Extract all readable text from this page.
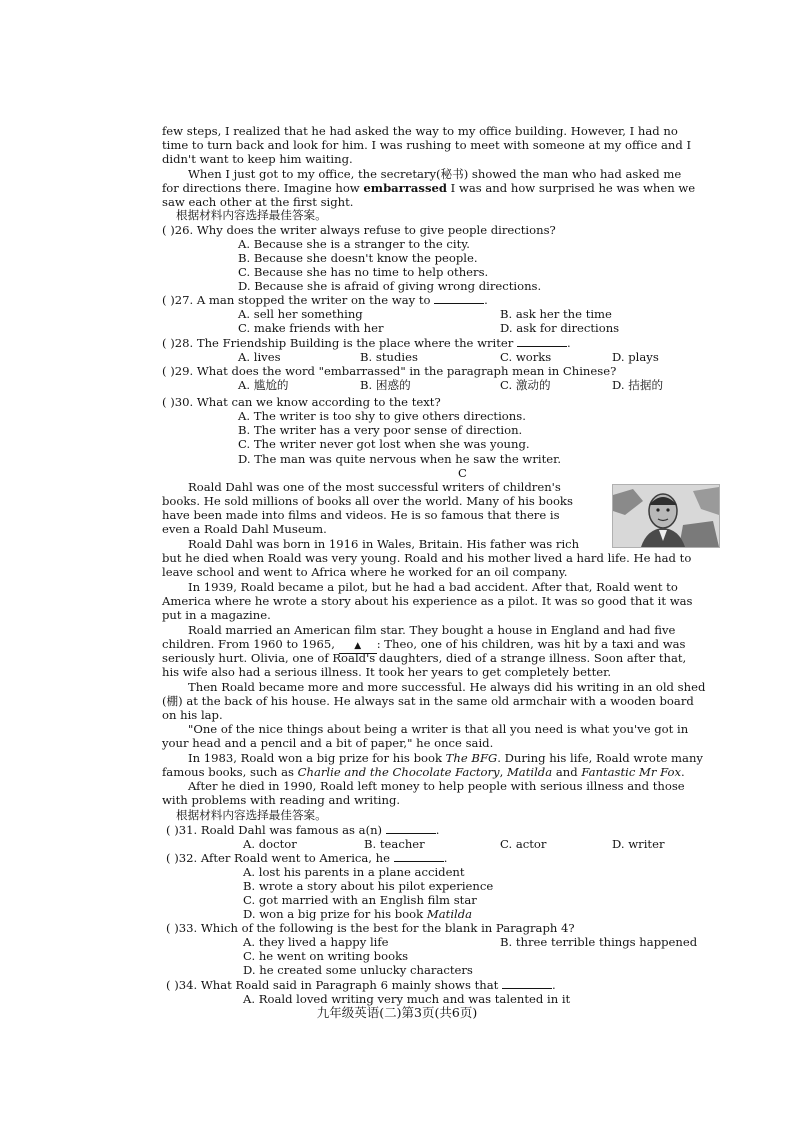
few steps, I realized that he had asked the way to my office building. However, I had no
time to turn back and look for him. I was rushing to meet with someone at my office and I
didn't want to keep him waiting.
When I just got to my office, the secretary(秘书) showed the man who had asked me
for directions there. Imagine how embarrassed I was and how surprised he was when we
saw each other at the first sight.
根据材料内容选择最佳答案。
( )26. Why does the writer always refuse to give people directions?
A. Because she is a stranger to the city.
B. Because she doesn't know the people.
C. Because she has no time to help others.
D. Because she is afraid of giving wrong directions.
( )27. A man stopped the writer on the way to	.
A. sell her something	B. ask her the time
C. make friends with her	D. ask for directions
( )28. The Friendship Building is the place where the writer	.
A. lives	B. studies	C. works	D. plays
( )29. What does the word "embarrassed" in the paragraph mean in Chinese?
A. 尴尬的	B. 困惑的	C. 激动的	D. 拮据的
( )30. What can we know according to the text?
A. The writer is too shy to give others directions.
B. The writer has a very poor sense of direction.
C. The writer never got lost when she was young.
D. The man was quite nervous when he saw the writer.
C
Roald Dahl was one of the most successful writers of children's
books. He sold millions of books all over the world. Many of his books
have been made into films and videos. He is so famous that there is
even a Roald Dahl Museum.
Roald Dahl was born in 1916 in Wales, Britain. His father was rich
but he died when Roald was very young. Roald and his mother lived a hard life. He had to
leave school and went to Africa where he worked for an oil company.
In 1939, Roald became a pilot, but he had a bad accident. After that, Roald went to
America where he wrote a story about his experience as a pilot. It was so good that it was
put in a magazine.
Roald married an American film star. They bought a house in England and had five
children. From 1960 to 1965, ▲ : Theo, one of his children, was hit by a taxi and was
seriously hurt. Olivia, one of Roald's daughters, died of a strange illness. Soon after that,
his wife also had a serious illness. It took her years to get completely better.
Then Roald became more and more successful. He always did his writing in an old shed
(棚) at the back of his house. He always sat in the same old armchair with a wooden board
on his lap.
"One of the nice things about being a writer is that all you need is what you've got in
your head and a pencil and a bit of paper," he once said.
In 1983, Roald won a big prize for his book The BFG. During his life, Roald wrote many
famous books, such as Charlie and the Chocolate Factory, Matilda and Fantastic Mr Fox.
After he died in 1990, Roald left money to help people with serious illness and those
with problems with reading and writing.
根据材料内容选择最佳答案。
( )31. Roald Dahl was famous as a(n)	.
A. doctor	B. teacher	C. actor	D. writer
( )32. After Roald went to America, he	.
A. lost his parents in a plane accident
B. wrote a story about his pilot experience
C. got married with an English film star
D. won a big prize for his book Matilda
( )33. Which of the following is the best for the blank in Paragraph 4?
A. they lived a happy life	B. three terrible things happened
C. he went on writing books
D. he created some unlucky characters
( )34. What Roald said in Paragraph 6 mainly shows that	.
A. Roald loved writing very much and was talented in it
九年级英语(二)第3页(共6页)
